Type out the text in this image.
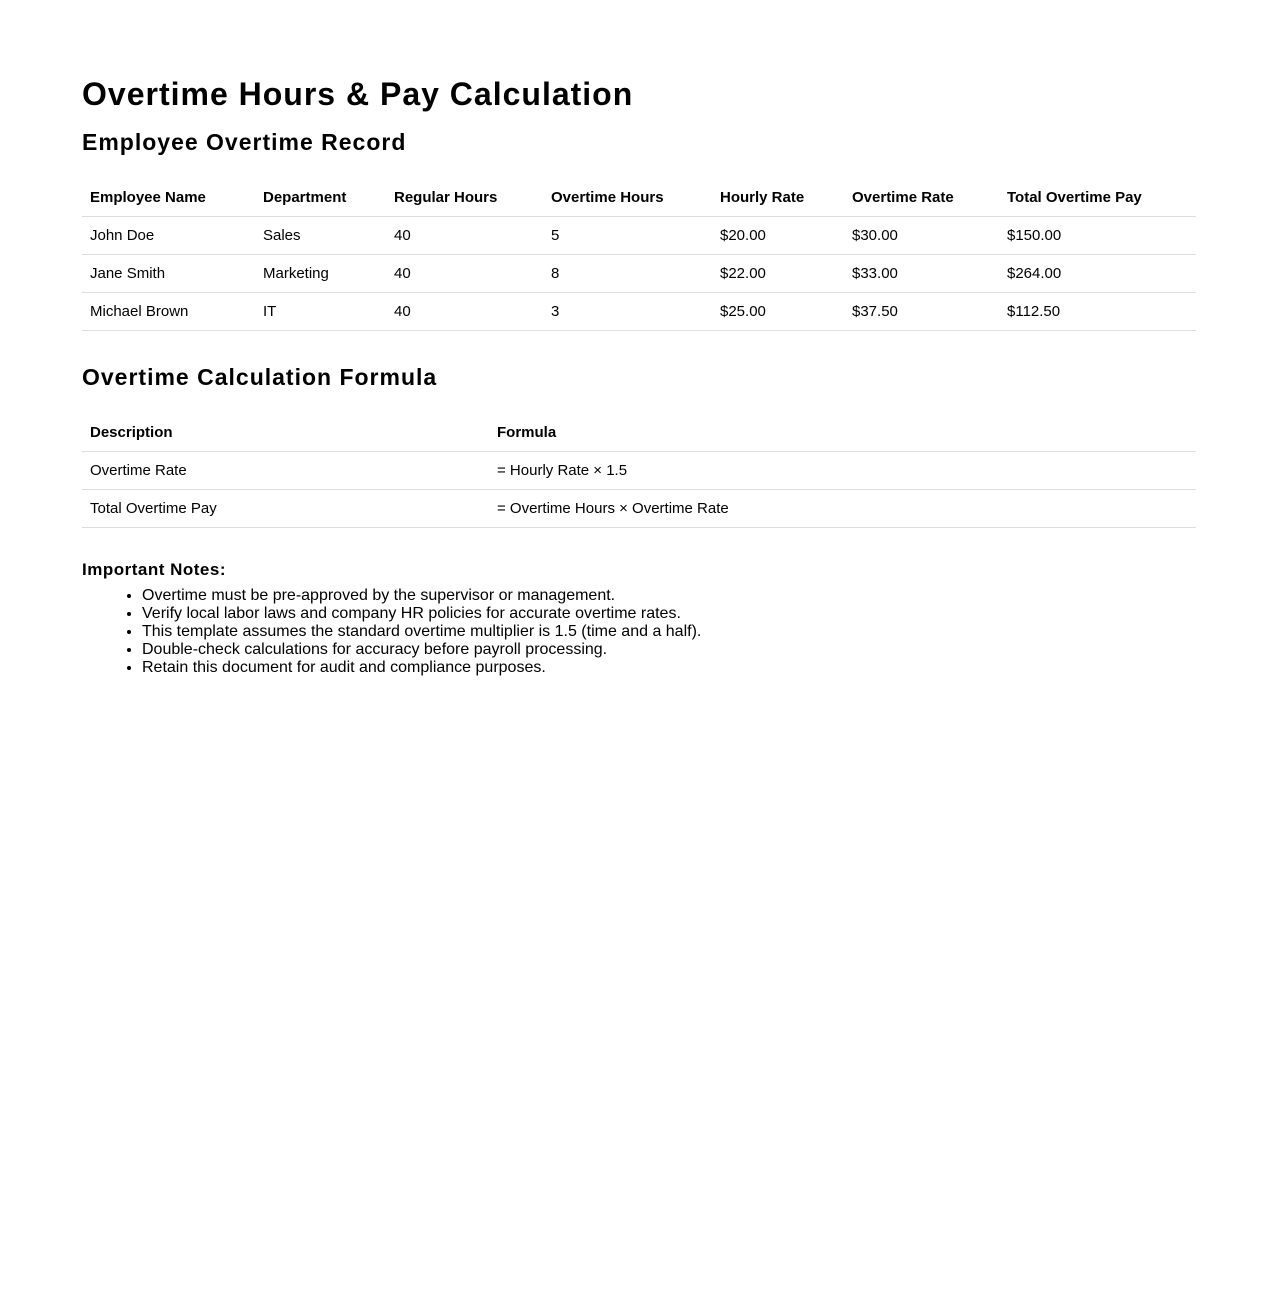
Overtime Hours & Pay Calculation
Employee Overtime Record
Employee Name	Department	Regular Hours	Overtime Hours	Hourly Rate	Overtime Rate	Total Overtime Pay
John Doe	Sales	40	5	$20.00	$30.00	$150.00
Jane Smith	Marketing	40	8	$22.00	$33.00	$264.00
Michael Brown	IT	40	3	$25.00	$37.50	$112.50
Overtime Calculation Formula
Description	Formula
Overtime Rate	= Hourly Rate × 1.5
Total Overtime Pay	= Overtime Hours × Overtime Rate

Important Notes:

• Overtime must be pre-approved by the supervisor or management.
• Verify local labor laws and company HR policies for accurate overtime rates.
• This template assumes the standard overtime multiplier is 1.5 (time and a half).
• Double-check calculations for accuracy before payroll processing.
• Retain this document for audit and compliance purposes.
